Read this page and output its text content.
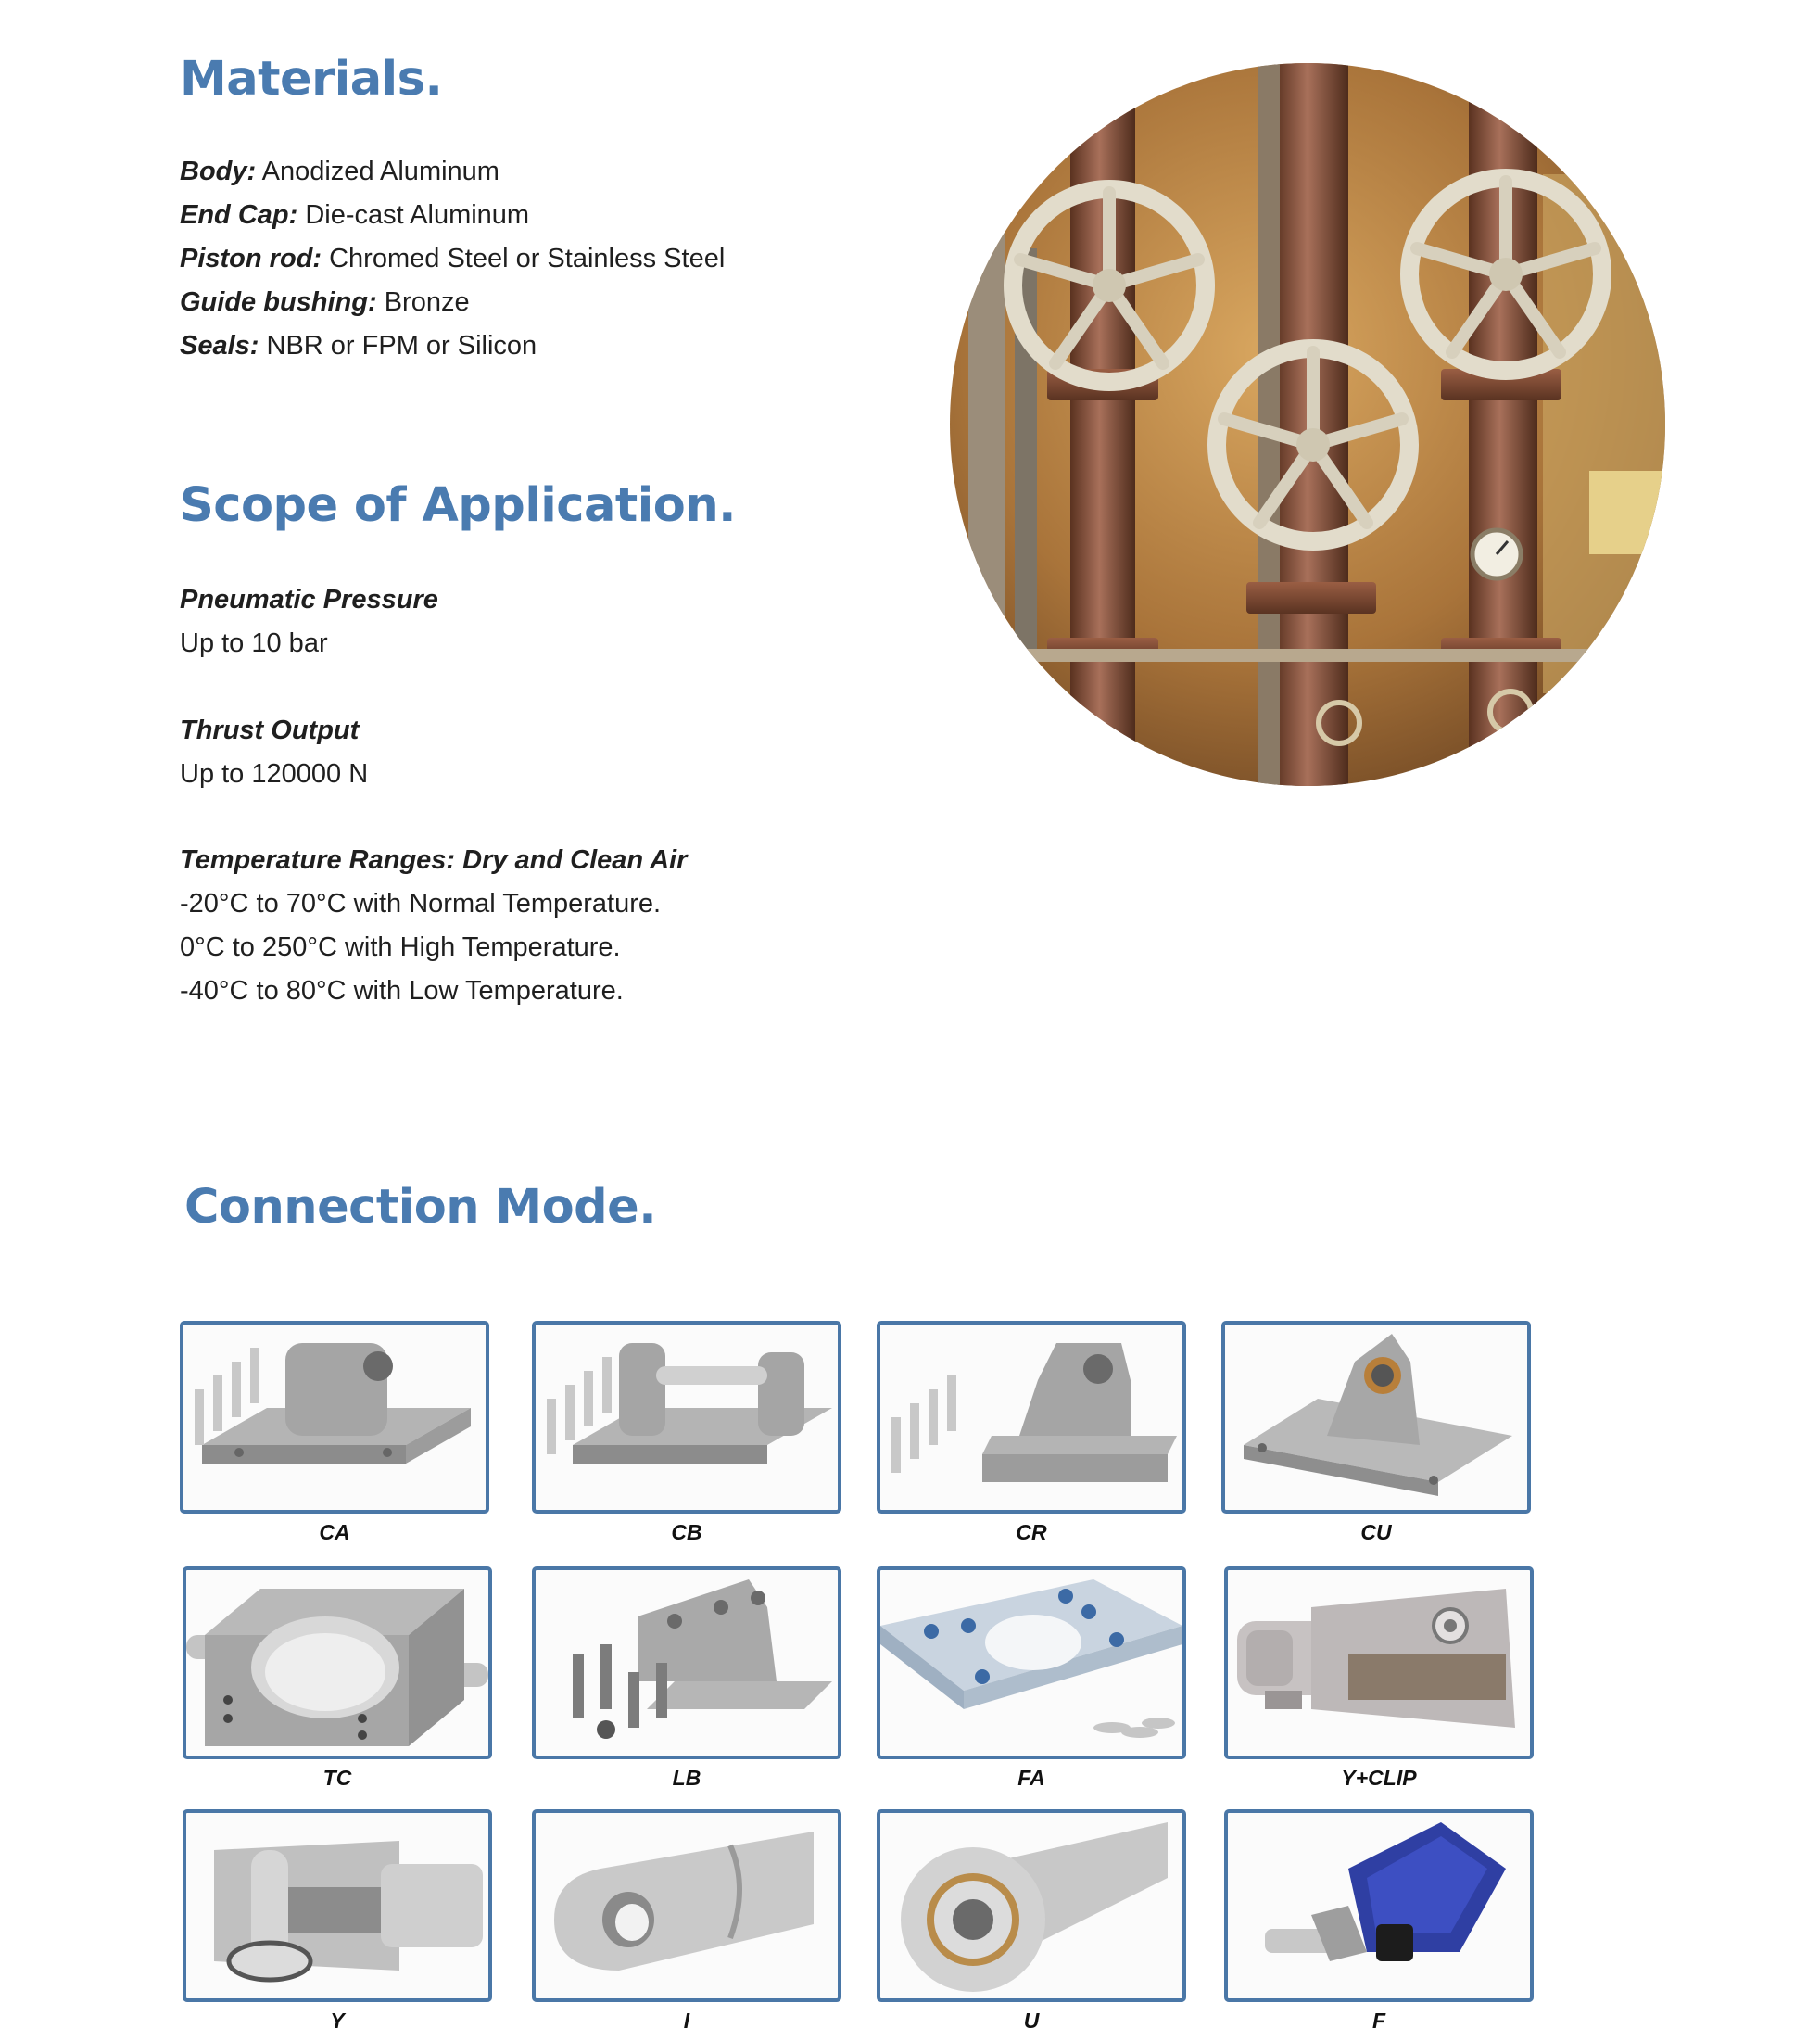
Materials.
Body: Anodized Aluminum
End Cap: Die-cast Aluminum
Piston rod: Chromed Steel or Stainless Steel
Guide bushing: Bronze
Seals: NBR or FPM or Silicon
Scope of Application.
Pneumatic Pressure
Up to 10 bar
Thrust Output
Up to 120000 N
Temperature Ranges: Dry and Clean Air
-20°C to 70°C with Normal Temperature.
0°C to 250°C with High Temperature.
-40°C to 80°C with Low Temperature.
Connection Mode.
CA	CB	CR	CU
TC	LB	FA	Y+CLIP
Y	I	U	F
